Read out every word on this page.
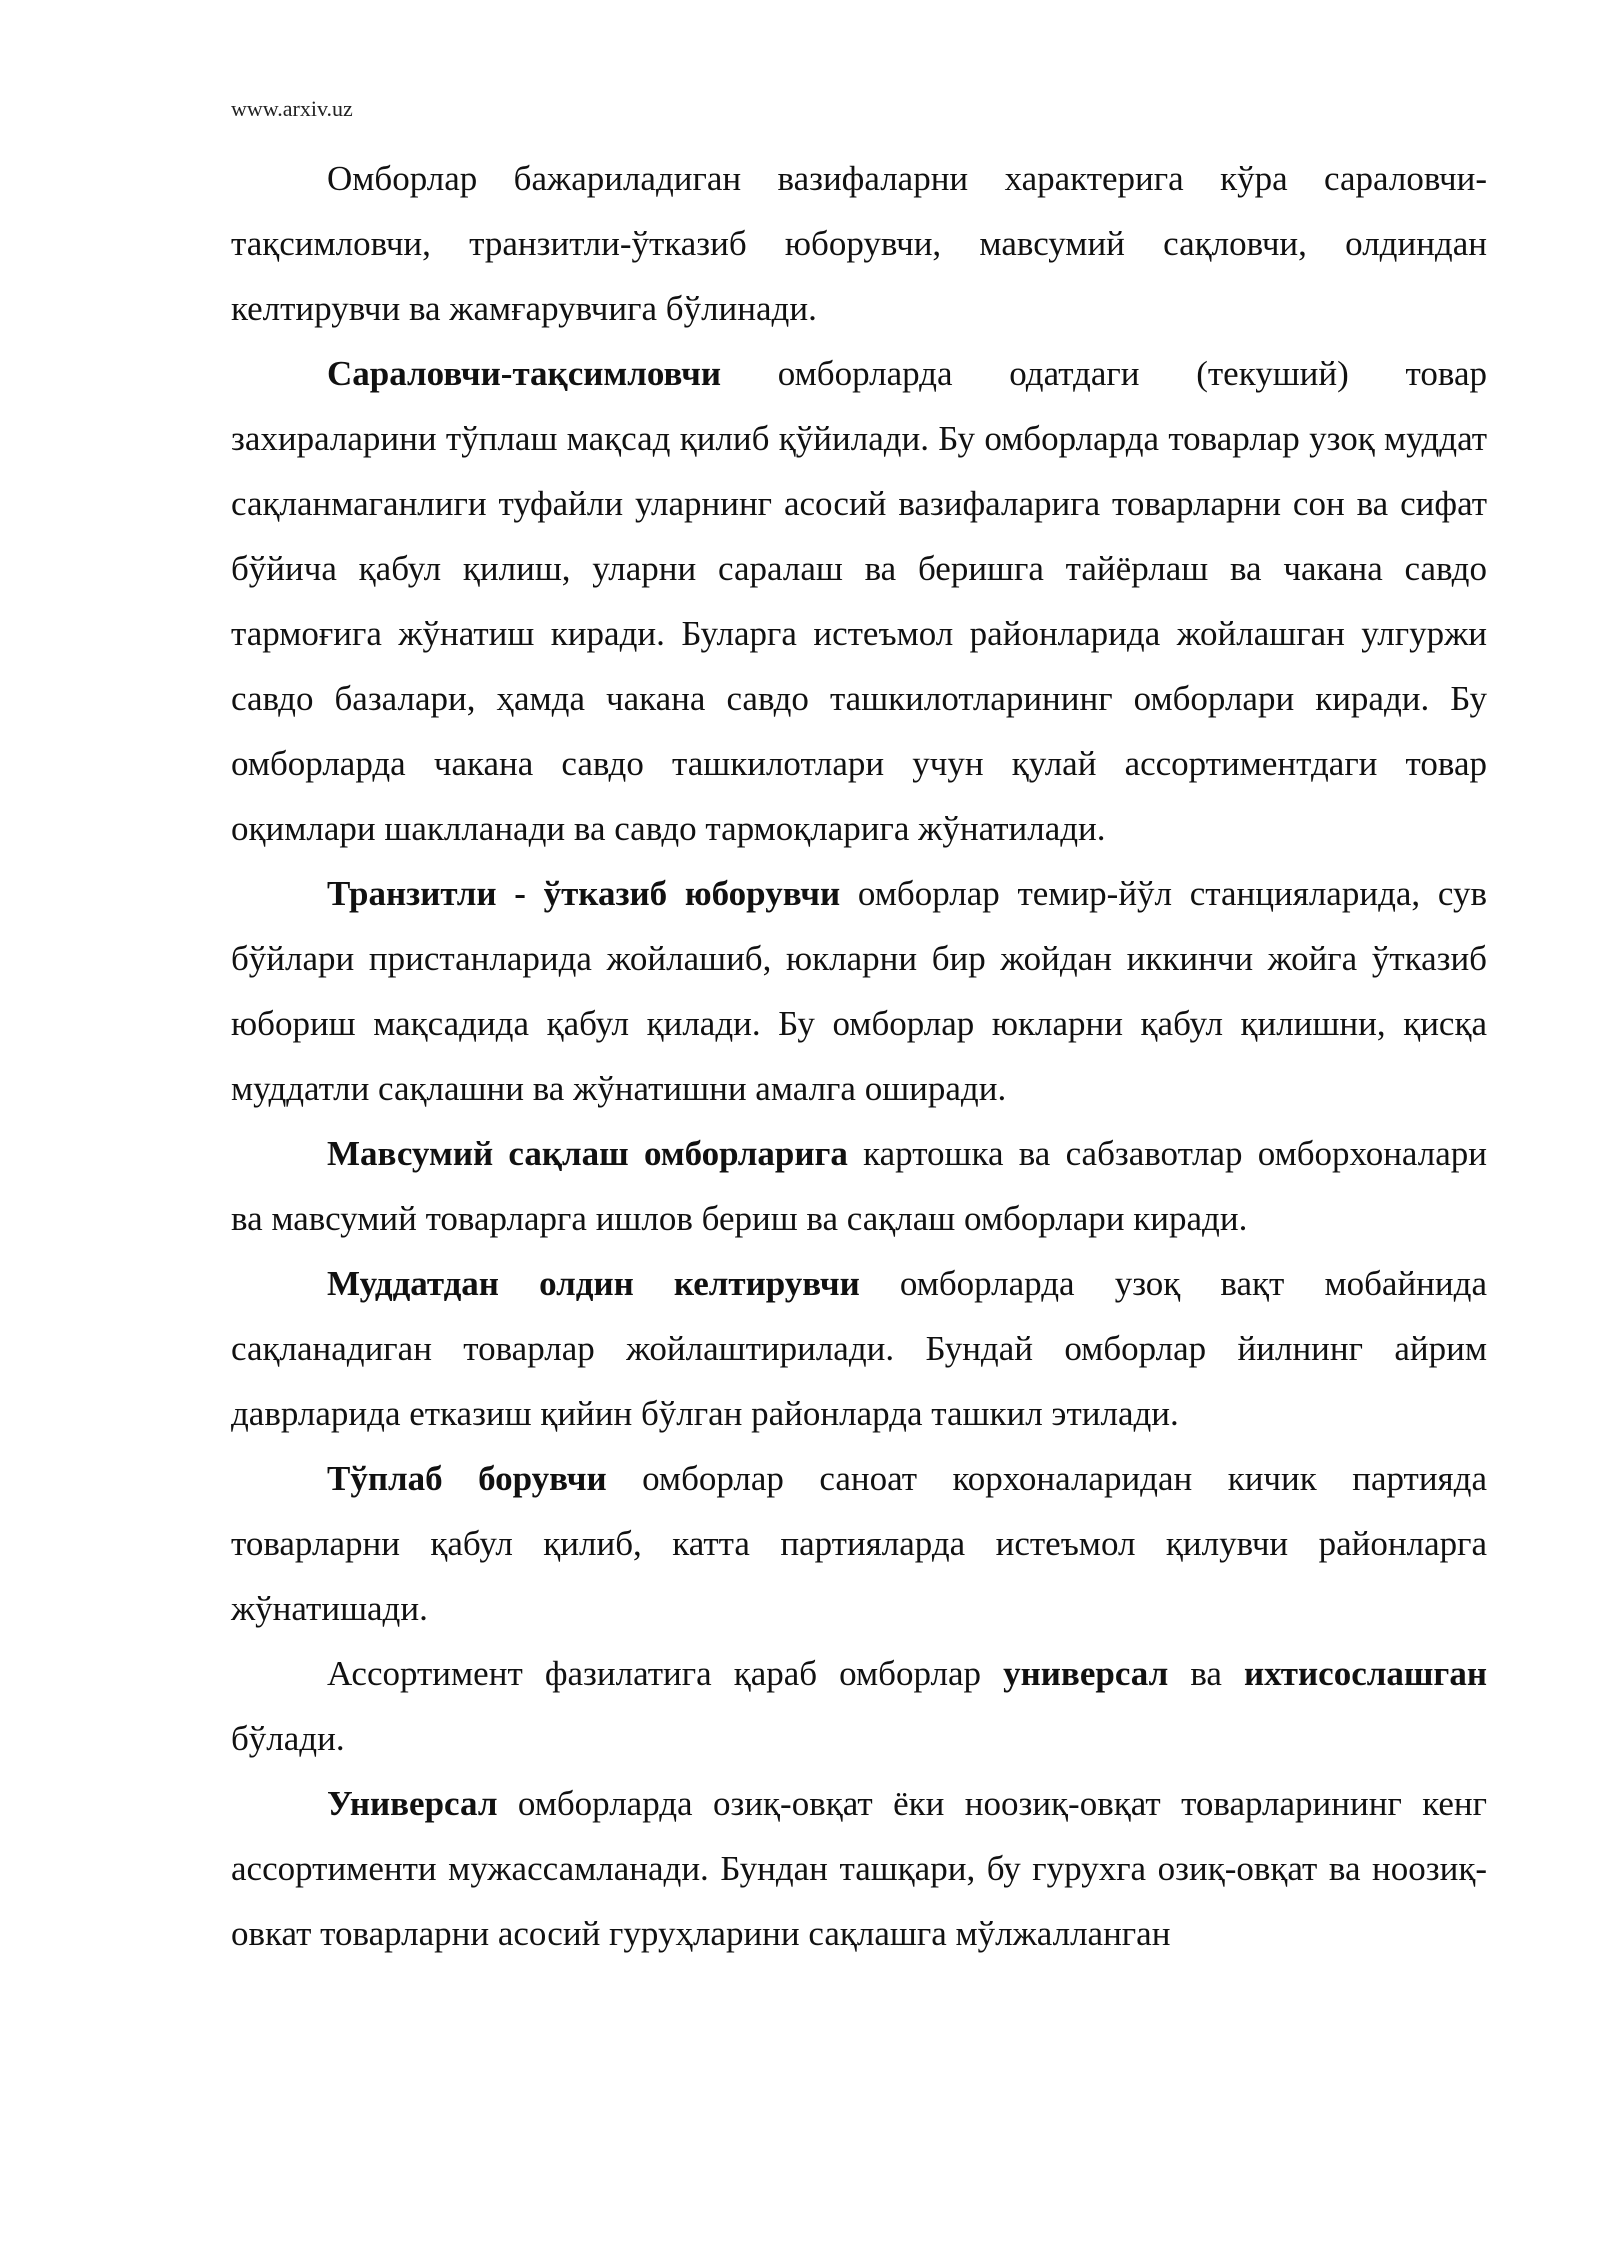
www.arxiv.uz

Омборлар бажариладиган вазифаларни характерига кўра сараловчи-тақсимловчи, транзитли-ўтказиб юборувчи, мавсумий сақловчи, олдиндан келтирувчи ва жамғарувчига бўлинади.

Сараловчи-тақсимловчи омборларда одатдаги (текуший) товар захираларини тўплаш мақсад қилиб қўйилади. Бу омборларда товарлар узоқ муддат сақланмаганлиги туфайли уларнинг асосий вазифаларига товарларни сон ва сифат бўйича қабул қилиш, уларни саралаш ва беришга тайёрлаш ва чакана савдо тармоғига жўнатиш киради. Буларга истеъмол районларида жойлашган улгуржи савдо базалари, ҳамда чакана савдо ташкилотларининг омборлари киради. Бу омборларда чакана савдо ташкилотлари учун қулай ассортиментдаги товар оқимлари шаклланади ва савдо тармоқларига жўнатилади.

Транзитли - ўтказиб юборувчи омборлар темир-йўл станцияларида, сув бўйлари пристанларида жойлашиб, юкларни бир жойдан иккинчи жойга ўтказиб юбориш мақсадида қабул қилади. Бу омборлар юкларни қабул қилишни, қисқа муддатли сақлашни ва жўнатишни амалга оширади.

Мавсумий сақлаш омборларига картошка ва сабзавотлар омборхоналари ва мавсумий товарларга ишлов бериш ва сақлаш омборлари киради.

Муддатдан олдин келтирувчи омборларда узоқ вақт мобайнида сақланадиган товарлар жойлаштирилади. Бундай омборлар йилнинг айрим даврларида етказиш қийин бўлган районларда ташкил этилади.

Тўплаб борувчи омборлар саноат корхоналаридан кичик партияда товарларни қабул қилиб, катта партияларда истеъмол қилувчи районларга жўнатишади.

Ассортимент фазилатига қараб омборлар универсал ва ихтисослашган бўлади.

Универсал омборларда озиқ-овқат ёки ноозиқ-овқат товарларининг кенг ассортименти мужассамланади. Бундан ташқари, бу гурухга озиқ-овқат ва ноозиқ-овкат товарларни асосий гуруҳларини сақлашга мўлжалланган
